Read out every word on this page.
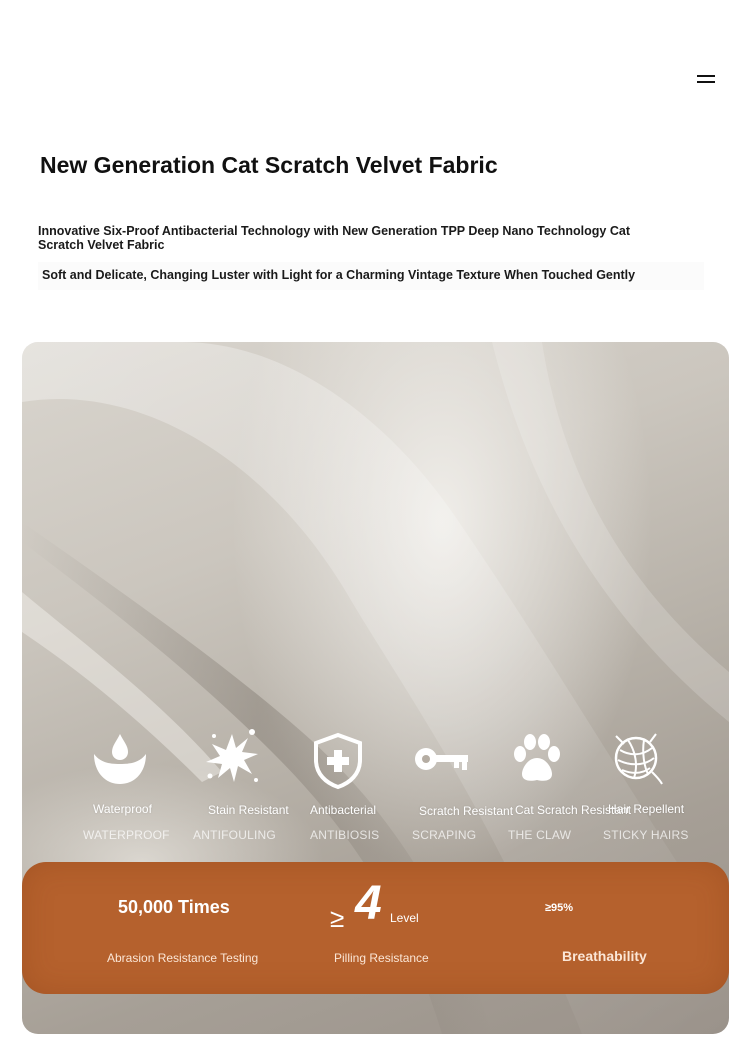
New Generation Cat Scratch Velvet Fabric

Innovative Six-Proof Antibacterial Technology with New Generation TPP Deep Nano Technology Cat Scratch Velvet Fabric

Soft and Delicate, Changing Luster with Light for a Charming Vintage Texture When Touched Gently

Waterproof
WATERPROOF
Stain Resistant
ANTIFOULING
Antibacterial
ANTIBIOSIS
Scratch Resistant
SCRAPING
Cat Scratch Resistant
THE CLAW
Hair Repellent
STICKY HAIRS
50,000 Times
Abrasion Resistance Testing
≥ 4 Level
Pilling Resistance
≥95%
Breathability
